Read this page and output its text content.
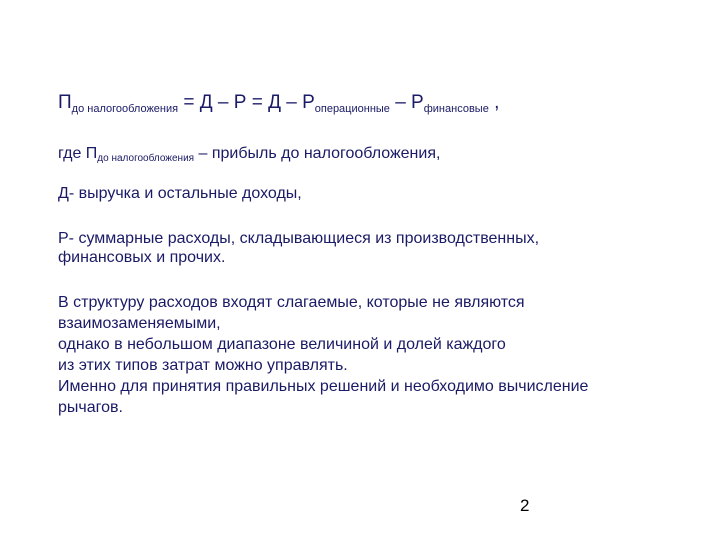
$П_{до налогообложения} = Д - Р = Д - Р_{операционные} - Р_{финансовые}$ ,
где $П_{до налогообложения}$ – прибыль до налогообложения,
Д- выручка и остальные доходы,
Р- суммарные расходы, складывающиеся из производственных,
финансовых и прочих.
В структуру расходов входят слагаемые, которые не являются
взаимозаменяемыми,
однако в небольшом диапазоне величиной и долей каждого
из этих типов затрат можно управлять.
Именно для принятия правильных решений и необходимо вычисление
рычагов.
2
